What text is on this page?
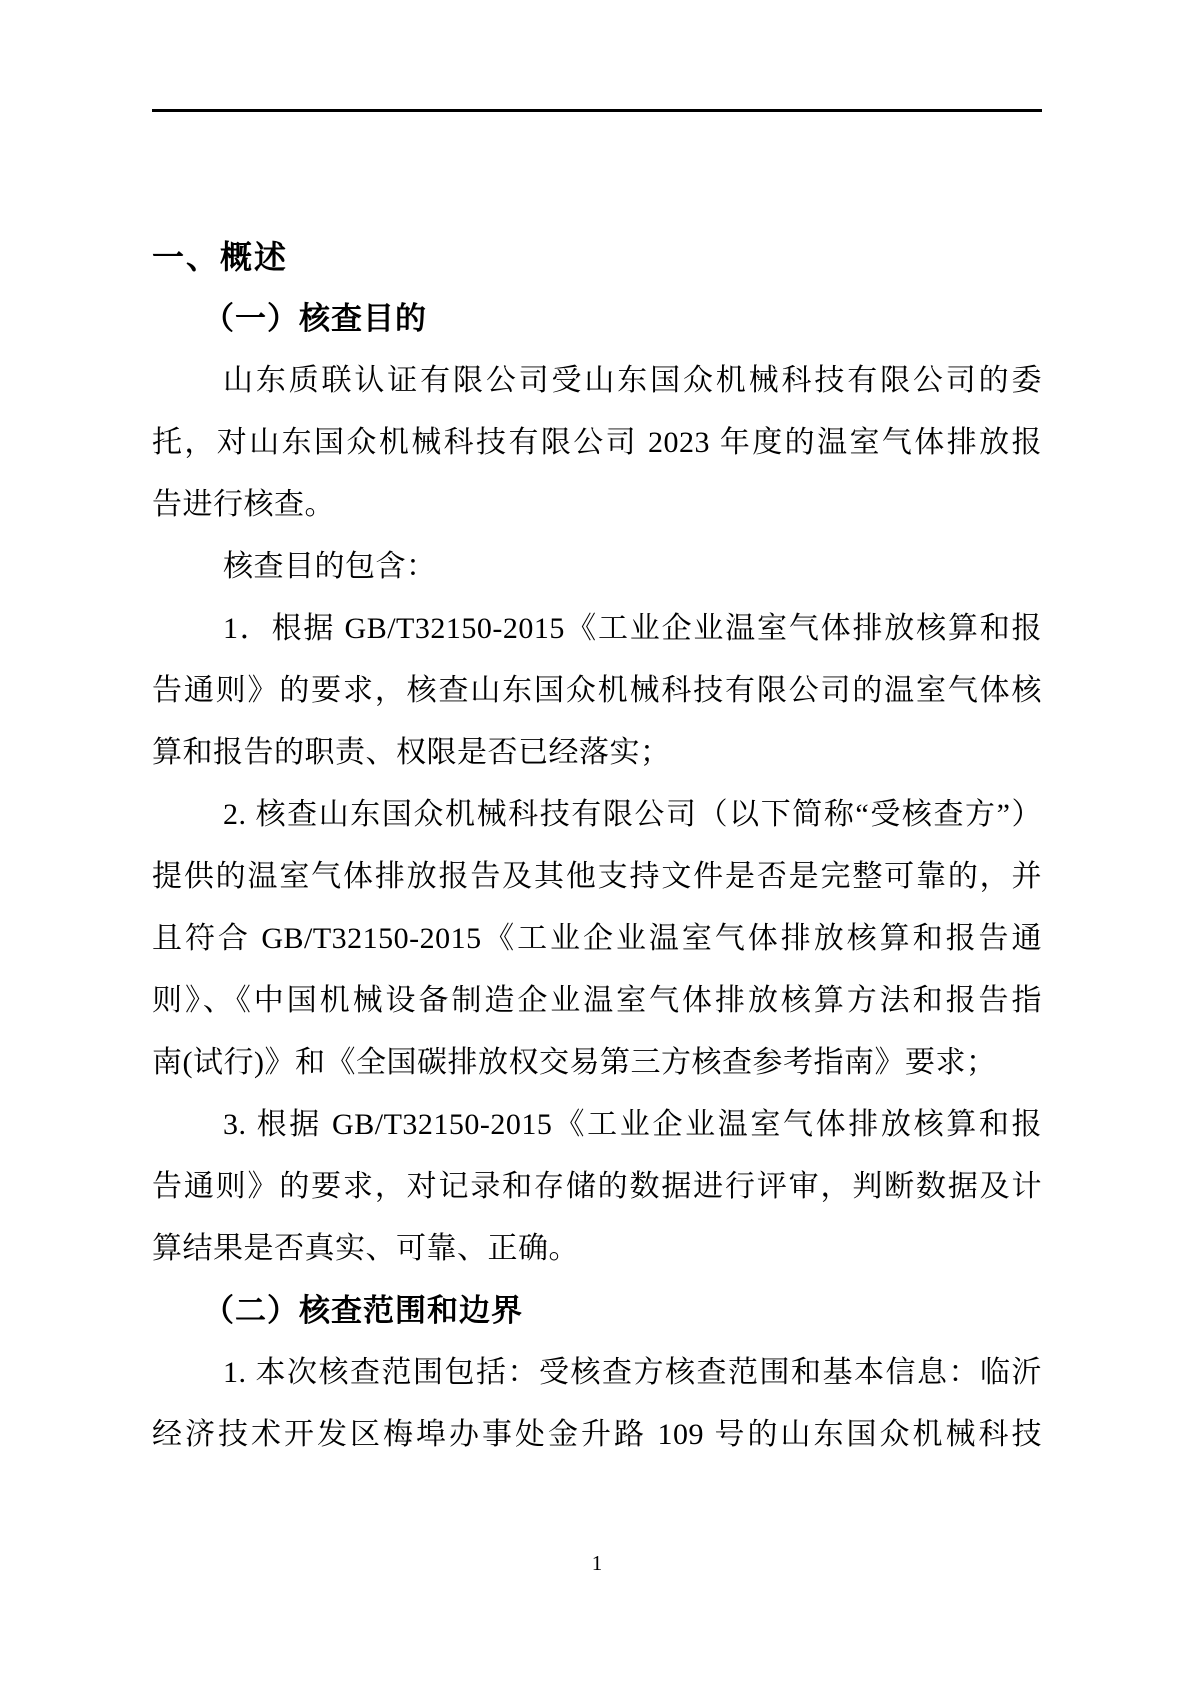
一、概述
（一）核查目的
山东质联认证有限公司受山东国众机械科技有限公司的委
托，对山东国众机械科技有限公司 2023 年度的温室气体排放报
告进行核查。
核查目的包含：
1．根据 GB/T32150-2015《工业企业温室气体排放核算和报
告通则》的要求，核查山东国众机械科技有限公司的温室气体核
算和报告的职责、权限是否已经落实；
2. 核查山东国众机械科技有限公司（以下简称“受核查方”）
提供的温室气体排放报告及其他支持文件是否是完整可靠的，并
且符合 GB/T32150-2015《工业企业温室气体排放核算和报告通
则》、《中国机械设备制造企业温室气体排放核算方法和报告指
南(试行)》和《全国碳排放权交易第三方核查参考指南》要求；
3. 根据 GB/T32150-2015《工业企业温室气体排放核算和报
告通则》的要求，对记录和存储的数据进行评审，判断数据及计
算结果是否真实、可靠、正确。
（二）核查范围和边界
1. 本次核查范围包括：受核查方核查范围和基本信息：临沂
经济技术开发区梅埠办事处金升路 109 号的山东国众机械科技
1
